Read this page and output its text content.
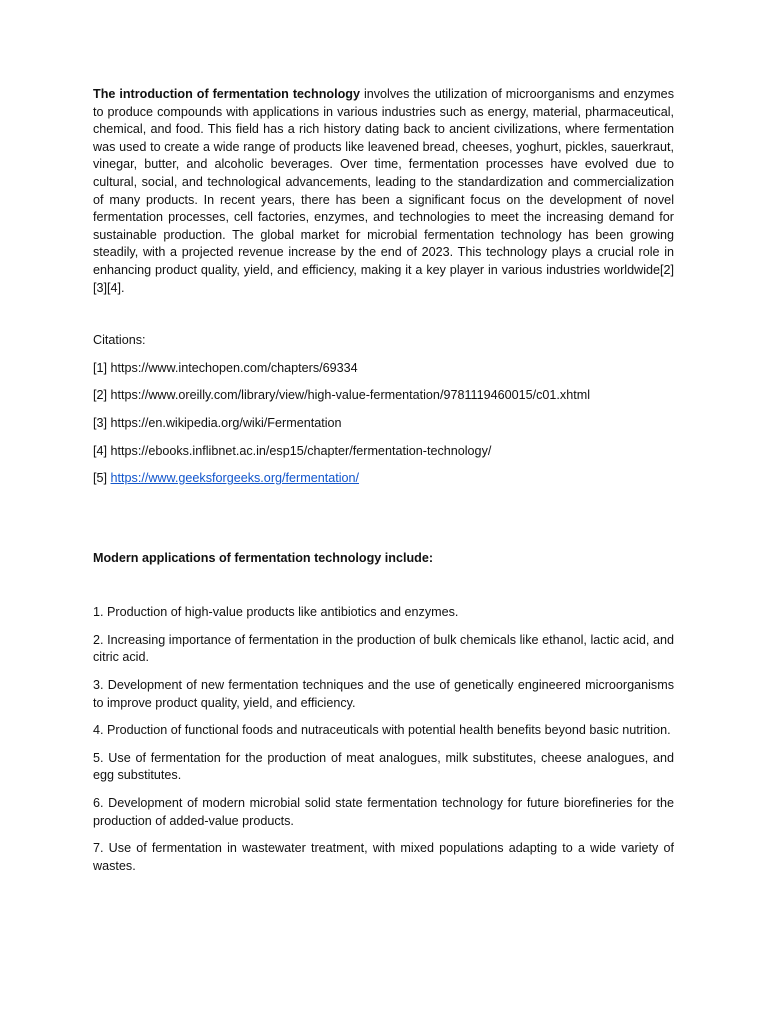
The introduction of fermentation technology involves the utilization of microorganisms and enzymes to produce compounds with applications in various industries such as energy, material, pharmaceutical, chemical, and food. This field has a rich history dating back to ancient civilizations, where fermentation was used to create a wide range of products like leavened bread, cheeses, yoghurt, pickles, sauerkraut, vinegar, butter, and alcoholic beverages. Over time, fermentation processes have evolved due to cultural, social, and technological advancements, leading to the standardization and commercialization of many products. In recent years, there has been a significant focus on the development of novel fermentation processes, cell factories, enzymes, and technologies to meet the increasing demand for sustainable production. The global market for microbial fermentation technology has been growing steadily, with a projected revenue increase by the end of 2023. This technology plays a crucial role in enhancing product quality, yield, and efficiency, making it a key player in various industries worldwide[2][3][4].

Citations:

[1] https://www.intechopen.com/chapters/69334

[2] https://www.oreilly.com/library/view/high-value-fermentation/9781119460015/c01.xhtml

[3] https://en.wikipedia.org/wiki/Fermentation

[4] https://ebooks.inflibnet.ac.in/esp15/chapter/fermentation-technology/

[5] https://www.geeksforgeeks.org/fermentation/

Modern applications of fermentation technology include:

1. Production of high-value products like antibiotics and enzymes.

2. Increasing importance of fermentation in the production of bulk chemicals like ethanol, lactic acid, and citric acid.

3. Development of new fermentation techniques and the use of genetically engineered microorganisms to improve product quality, yield, and efficiency.

4. Production of functional foods and nutraceuticals with potential health benefits beyond basic nutrition.

5. Use of fermentation for the production of meat analogues, milk substitutes, cheese analogues, and egg substitutes.

6. Development of modern microbial solid state fermentation technology for future biorefineries for the production of added-value products.

7. Use of fermentation in wastewater treatment, with mixed populations adapting to a wide variety of wastes.
